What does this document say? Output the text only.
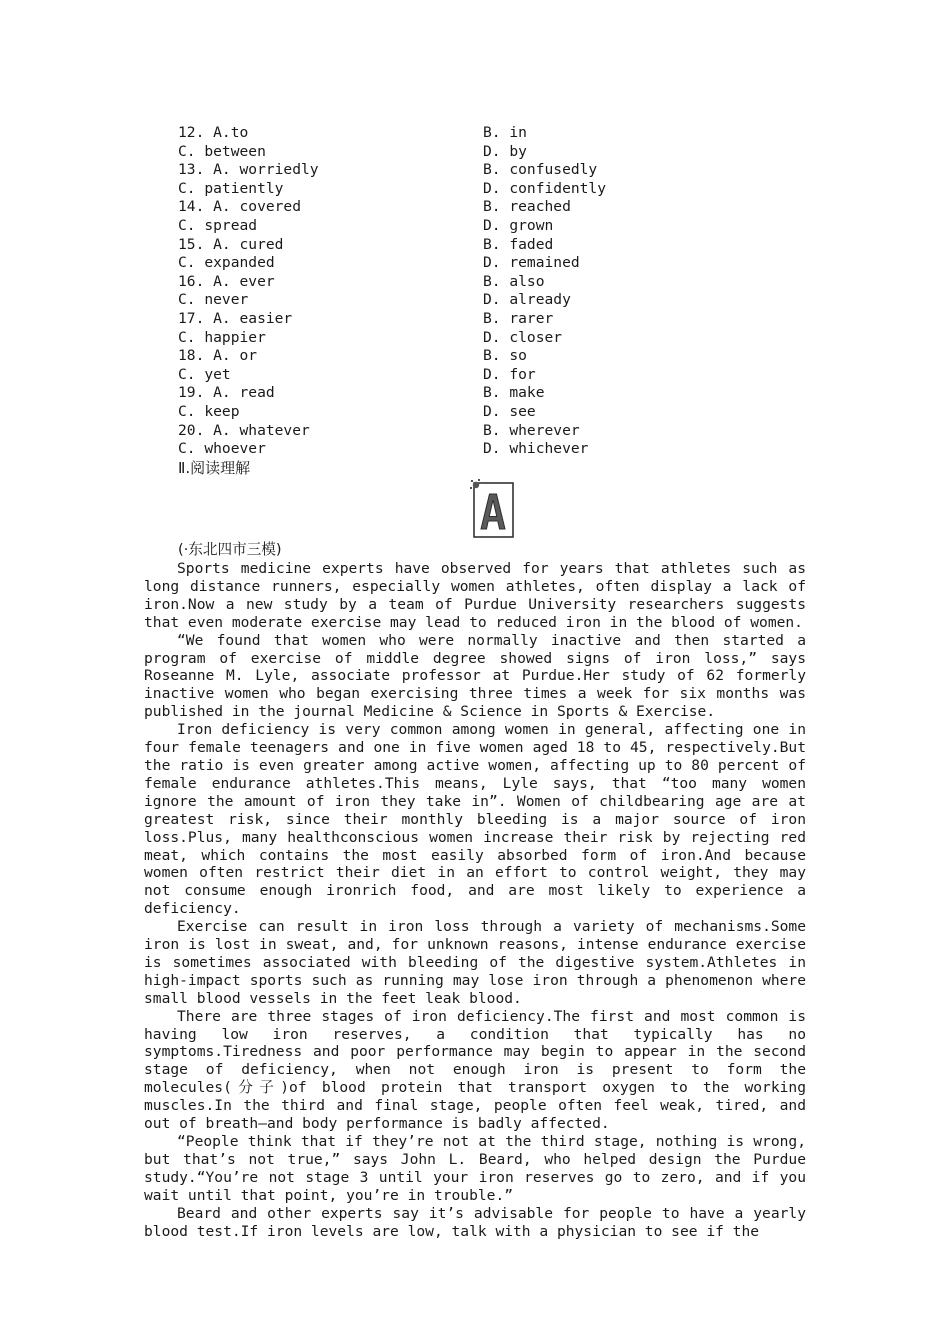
12. A.to	B. in
C. between	D. by
13. A. worriedly	B. confusedly
C. patiently	D. confidently
14. A. covered	B. reached
C. spread	D. grown
15. A. cured	B. faded
C. expanded	D. remained
16. A. ever	B. also
C. never	D. already
17. A. easier	B. rarer
C. happier	D. closer
18. A. or	B. so
C. yet	D. for
19. A. read	B. make
C. keep	D. see
20. A. whatever	B. wherever
C. whoever	D. whichever
Ⅱ.阅读理解
A
(·东北四市三模)

Sports medicine experts have observed for years that athletes such as long distance runners, especially women athletes, often display a lack of iron.Now a new study by a team of Purdue University researchers suggests that even moderate exercise may lead to reduced iron in the blood of women.

“We found that women who were normally inactive and then started a program of exercise of middle degree showed signs of iron loss,” says Roseanne M. Lyle, associate professor at Purdue.Her study of 62 formerly inactive women who began exercising three times a week for six months was published in the journal Medicine & Science in Sports & Exercise.

Iron deficiency is very common among women in general, affecting one in four female teenagers and one in five women aged 18 to 45, respectively.But the ratio is even greater among active women, affecting up to 80 percent of female endurance athletes.This means, Lyle says, that “too many women ignore the amount of iron they take in”. Women of childbearing age are at greatest risk, since their monthly bleeding is a major source of iron loss.Plus, many healthconscious women increase their risk by rejecting red meat, which contains the most easily absorbed form of iron.And because women often restrict their diet in an effort to control weight, they may not consume enough ironrich food, and are most likely to experience a deficiency.

Exercise can result in iron loss through a variety of mechanisms.Some iron is lost in sweat, and, for unknown reasons, intense endurance exercise is sometimes associated with bleeding of the digestive system.Athletes in high-impact sports such as running may lose iron through a phenomenon where small blood vessels in the feet leak blood.

There are three stages of iron deficiency.The first and most common is having low iron reserves, a condition that typically has no symptoms.Tiredness and poor performance may begin to appear in the second stage of deficiency, when not enough iron is present to form the molecules(分子)of blood protein that transport oxygen to the working muscles.In the third and final stage, people often feel weak, tired, and out of breath—and body performance is badly affected.

“People think that if they’re not at the third stage, nothing is wrong, but that’s not true,” says John L. Beard, who helped design the Purdue study.“You’re not stage 3 until your iron reserves go to zero, and if you wait until that point, you’re in trouble.”

Beard and other experts say it’s advisable for people to have a yearly blood test.If iron levels are low, talk with a physician to see if the
